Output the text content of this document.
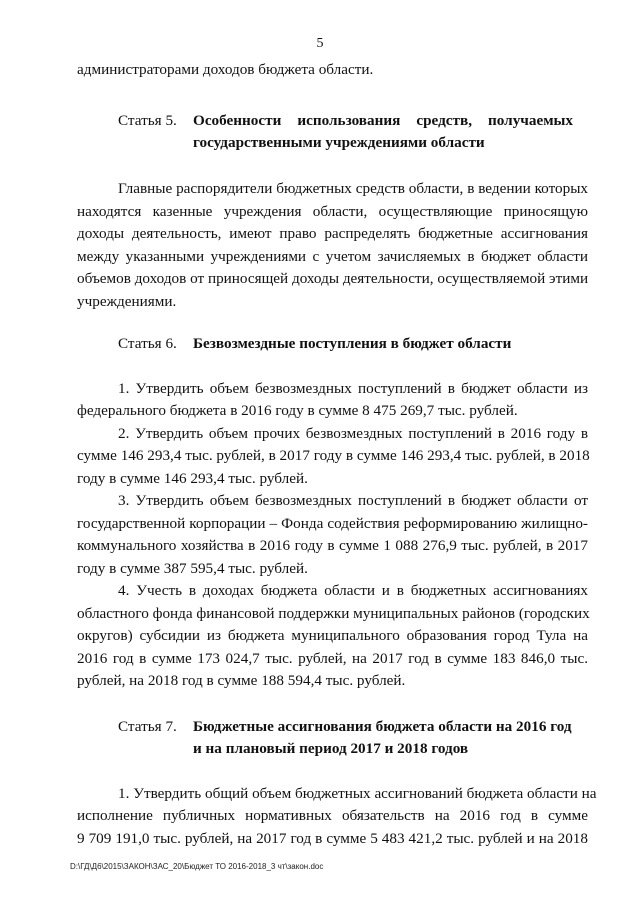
5
администраторами доходов бюджета области.
Статья 5. Особенности использования средств, получаемых
государственными учреждениями области
Главные распорядители бюджетных средств области, в ведении которых
находятся казенные учреждения области, осуществляющие приносящую
доходы деятельность, имеют право распределять бюджетные ассигнования
между указанными учреждениями с учетом зачисляемых в бюджет области
объемов доходов от приносящей доходы деятельности, осуществляемой этими
учреждениями.
Статья 6. Безвозмездные поступления в бюджет области
1. Утвердить объем безвозмездных поступлений в бюджет области из
федерального бюджета в 2016 году в сумме 8 475 269,7 тыс. рублей.
2. Утвердить объем прочих безвозмездных поступлений в 2016 году в
сумме 146 293,4 тыс. рублей, в 2017 году в сумме 146 293,4 тыс. рублей, в 2018
году в сумме 146 293,4 тыс. рублей.
3. Утвердить объем безвозмездных поступлений в бюджет области от
государственной корпорации – Фонда содействия реформированию жилищно-
коммунального хозяйства в 2016 году в сумме 1 088 276,9 тыс. рублей, в 2017
году в сумме 387 595,4 тыс. рублей.
4. Учесть в доходах бюджета области и в бюджетных ассигнованиях
областного фонда финансовой поддержки муниципальных районов (городских
округов) субсидии из бюджета муниципального образования город Тула на
2016 год в сумме 173 024,7 тыс. рублей, на 2017 год в сумме 183 846,0 тыс.
рублей, на 2018 год в сумме 188 594,4 тыс. рублей.
Статья 7. Бюджетные ассигнования бюджета области на 2016 год
и на плановый период 2017 и 2018 годов
1. Утвердить общий объем бюджетных ассигнований бюджета области на
исполнение публичных нормативных обязательств на 2016 год в сумме
9 709 191,0 тыс. рублей, на 2017 год в сумме 5 483 421,2 тыс. рублей и на 2018
D:\ГД\Д6\2015\ЗАКОН\ЗАС_20\Бюджет ТО 2016-2018_3 чт\закон.doc
